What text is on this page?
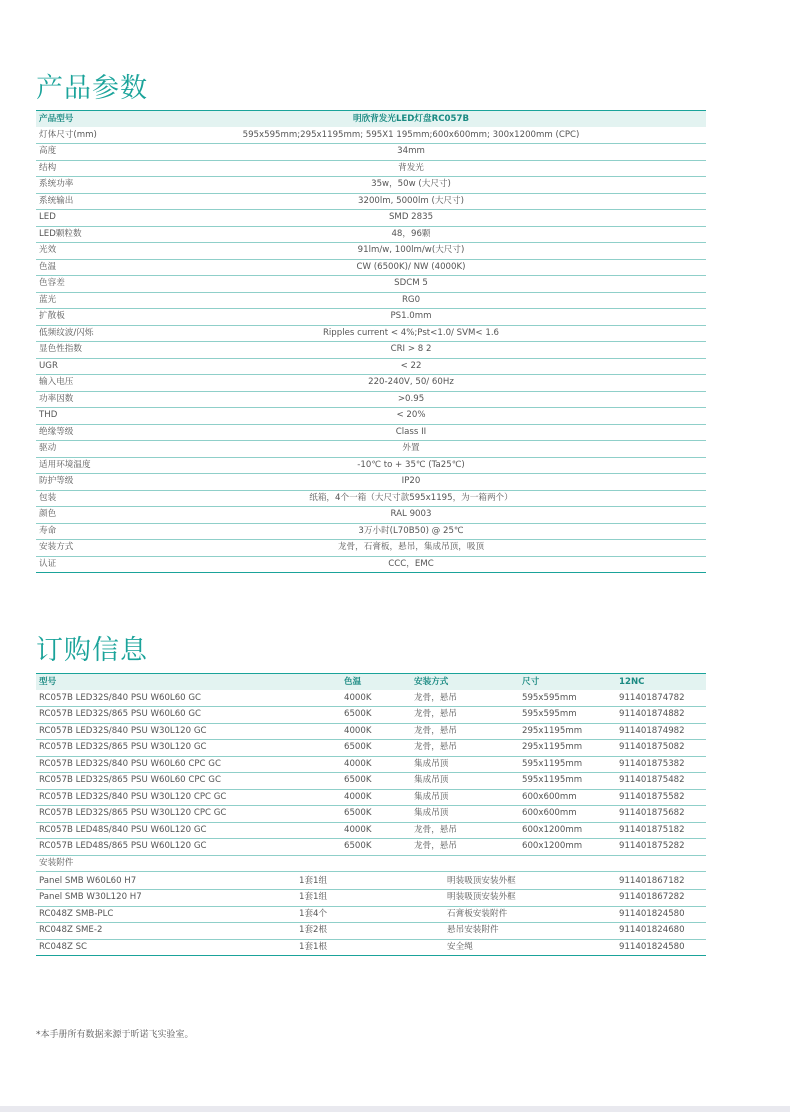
产品参数
产品型号	明欣背发光LED灯盘RC057B	
灯体尺寸(mm)	595x595mm;295x1195mm; 595X1 195mm;600x600mm; 300x1200mm (CPC)	
高度	34mm	
结构	背发光	
系统功率	35w，50w (大尺寸)	
系统输出	3200lm, 5000lm (大尺寸)	
LED	SMD 2835	
LED颗粒数	48，96颗	
光效	91lm/w, 100lm/w(大尺寸)	
色温	CW (6500K)/ NW (4000K)	
色容差	SDCM 5	
蓝光	RG0	
扩散板	PS1.0mm	
低频纹波/闪烁	Ripples current < 4%;Pst<1.0/ SVM< 1.6	
显色性指数	CRI > 8 2	
UGR	< 22	
输入电压	220-240V, 50/ 60Hz	
功率因数	>0.95	
THD	< 20%	
绝缘等级	Class II	
驱动	外置	
适用环境温度	-10℃ to + 35℃ (Ta25℃)	
防护等级	IP20	
包装	纸箱，4个一箱（大尺寸款595x1195，为一箱两个）	
颜色	RAL 9003	
寿命	3万小时(L70B50) @ 25℃	
安装方式	龙骨，石膏板，悬吊，集成吊顶，吸顶	
认证	CCC，EMC	
订购信息
型号	色温	安装方式	尺寸	12NC
RC057B LED32S/840 PSU W60L60 GC	4000K	龙骨，悬吊	595x595mm	911401874782
RC057B LED32S/865 PSU W60L60 GC	6500K	龙骨，悬吊	595x595mm	911401874882
RC057B LED32S/840 PSU W30L120 GC	4000K	龙骨，悬吊	295x1195mm	911401874982
RC057B LED32S/865 PSU W30L120 GC	6500K	龙骨，悬吊	295x1195mm	911401875082
RC057B LED32S/840 PSU W60L60 CPC GC	4000K	集成吊顶	595x1195mm	911401875382
RC057B LED32S/865 PSU W60L60 CPC GC	6500K	集成吊顶	595x1195mm	911401875482
RC057B LED32S/840 PSU W30L120 CPC GC	4000K	集成吊顶	600x600mm	911401875582
RC057B LED32S/865 PSU W30L120 CPC GC	6500K	集成吊顶	600x600mm	911401875682
RC057B LED48S/840 PSU W60L120 GC	4000K	龙骨，悬吊	600x1200mm	911401875182
RC057B LED48S/865 PSU W60L120 GC	6500K	龙骨，悬吊	600x1200mm	911401875282
安装附件				
Panel SMB W60L60 H7	1套1组	明装吸顶安装外框	911401867182
Panel SMB W30L120 H7	1套1组	明装吸顶安装外框	911401867282
RC048Z SMB-PLC	1套4个	石膏板安装附件	911401824580
RC048Z SME-2	1套2根	悬吊安装附件	911401824680
RC048Z SC	1套1根	安全绳	911401824580
*本手册所有数据来源于昕诺飞实验室。
